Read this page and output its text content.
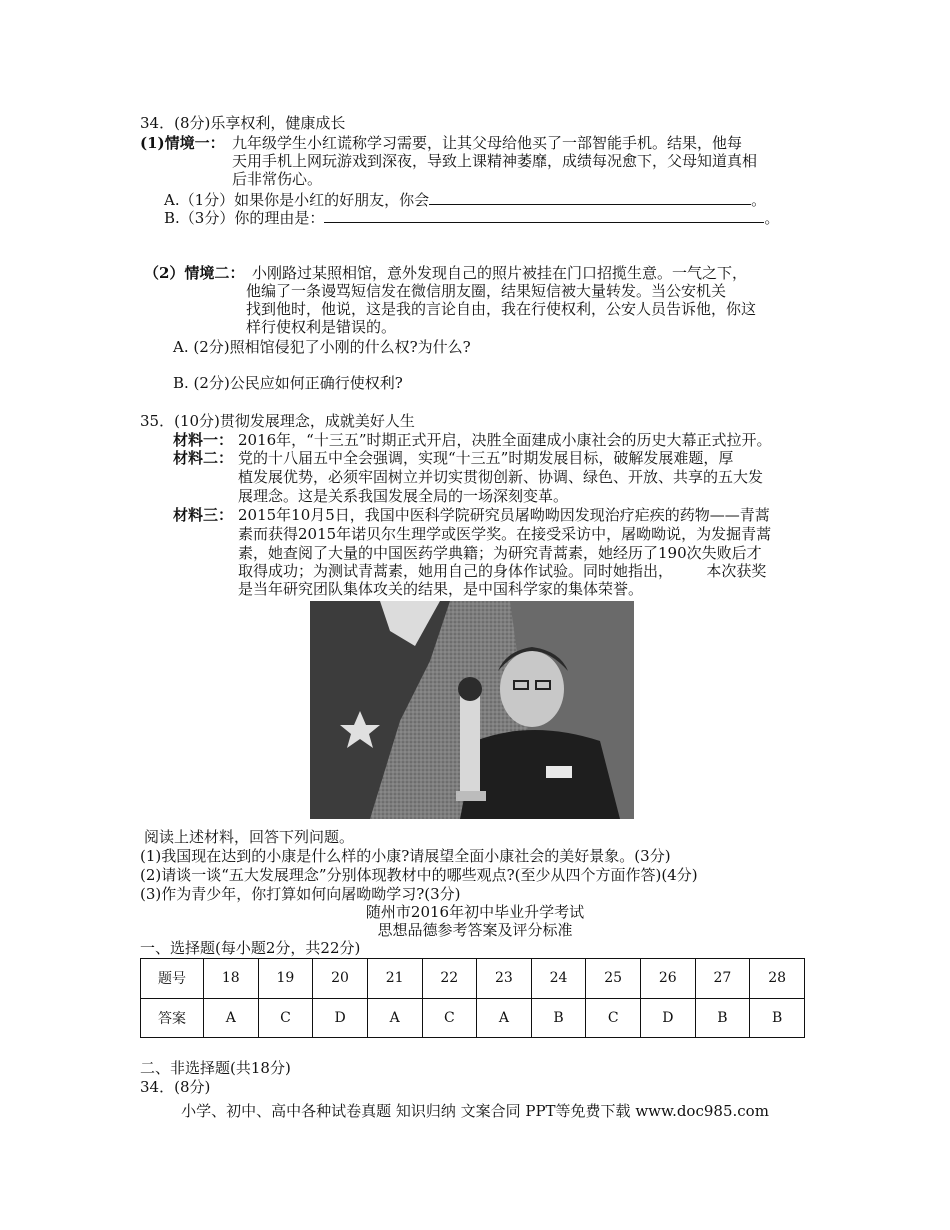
34．(8分)乐享权利，健康成长
(1)情境一： 九年级学生小红谎称学习需要，让其父母给他买了一部智能手机。结果，他每
天用手机上网玩游戏到深夜，导致上课精神萎靡，成绩每况愈下，父母知道真相
后非常伤心。
A.（1分）如果你是小红的好朋友，你会	。
B.（3分）你的理由是：	。
（2）情境二： 小刚路过某照相馆，意外发现自己的照片被挂在门口招揽生意。一气之下，
他编了一条谩骂短信发在微信朋友圈，结果短信被大量转发。当公安机关
找到他时，他说，这是我的言论自由，我在行使权利，公安人员告诉他，你这
样行使权利是错误的。
A. (2分)照相馆侵犯了小刚的什么权?为什么?
B. (2分)公民应如何正确行使权利?
35．(10分)贯彻发展理念，成就美好人生
材料一： 2016年，“十三五”时期正式开启，决胜全面建成小康社会的历史大幕正式拉开。
材料二： 党的十八届五中全会强调，实现“十三五”时期发展目标，破解发展难题，厚
植发展优势，必须牢固树立并切实贯彻创新、协调、绿色、开放、共享的五大发
展理念。这是关系我国发展全局的一场深刻变革。
材料三： 2015年10月5日，我国中医科学院研究员屠呦呦因发现治疗疟疾的药物——青蒿
素而获得2015年诺贝尔生理学或医学奖。在接受采访中，屠呦呦说，为发掘青蒿
素，她查阅了大量的中国医药学典籍；为研究青蒿素，她经历了190次失败后才
取得成功；为测试青蒿素，她用自己的身体作试验。同时她指出，       本次获奖
是当年研究团队集体攻关的结果，是中国科学家的集体荣誉。
阅读上述材料，回答下列问题。
(1)我国现在达到的小康是什么样的小康?请展望全面小康社会的美好景象。(3分)
(2)请谈一谈“五大发展理念”分别体现教材中的哪些观点?(至少从四个方面作答)(4分)
(3)作为青少年，你打算如何向屠呦呦学习?(3分)
随州市2016年初中毕业升学考试
思想品德参考答案及评分标准
一、选择题(每小题2分，共22分)
题号	18	19	20	21	22	23	24	25	26	27	28
答案	A	C	D	A	C	A	B	C	D	B	B
二、非选择题(共18分)
34．(8分)
小学、初中、高中各种试卷真题 知识归纳 文案合同 PPT等免费下载 www.doc985.com
